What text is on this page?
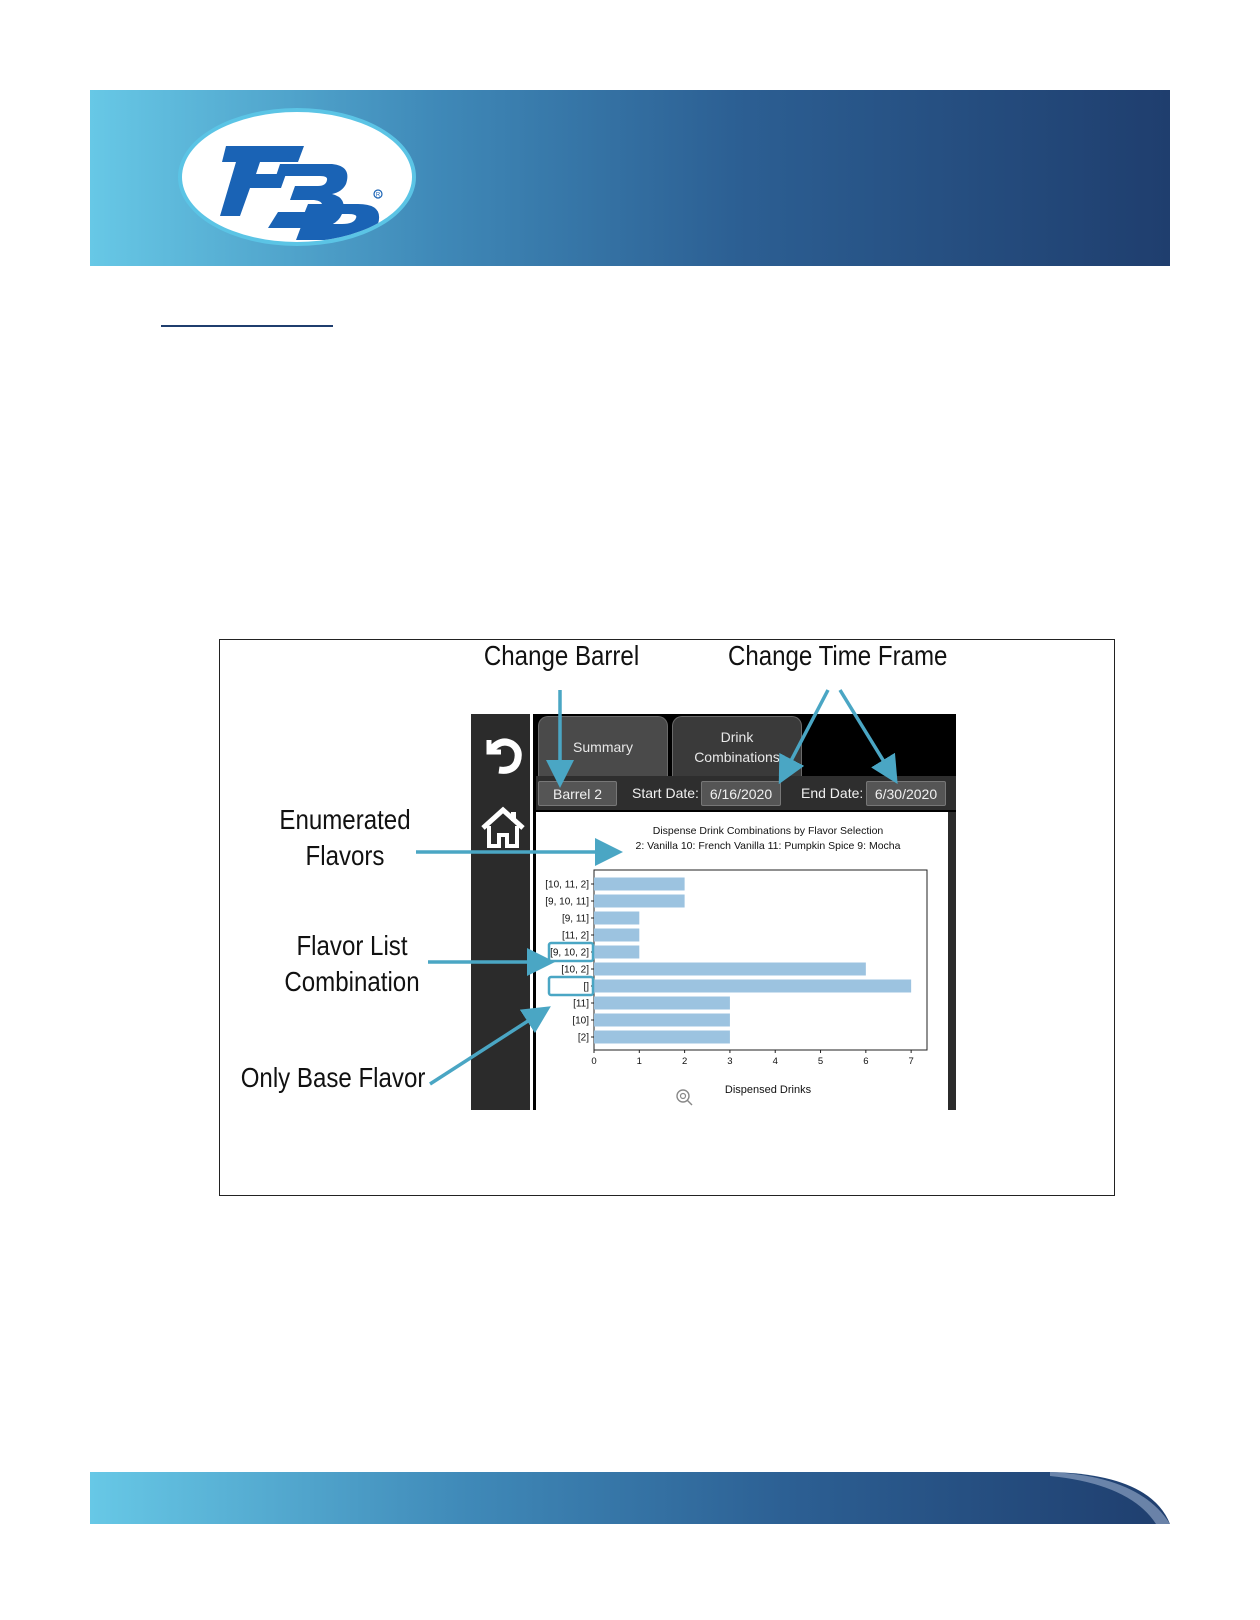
R
Change Barrel	Change Time Frame
Enumerated
Flavors
Flavor List
Combination
Only Base Flavor
Summary
Drink
Combinations
Barrel 2	Start Date: 6/16/2020	End Date: 6/30/2020
Dispense Drink Combinations by Flavor Selection
2: Vanilla 10: French Vanilla 11: Pumpkin Spice 9: Mocha
[10, 11, 2]
[9, 10, 11]
[9, 11]
[11, 2]
[9, 10, 2]
[10, 2]
[]
[11]
[10]
[2]
0	1	2	3	4	5	6	7
Dispensed Drinks
